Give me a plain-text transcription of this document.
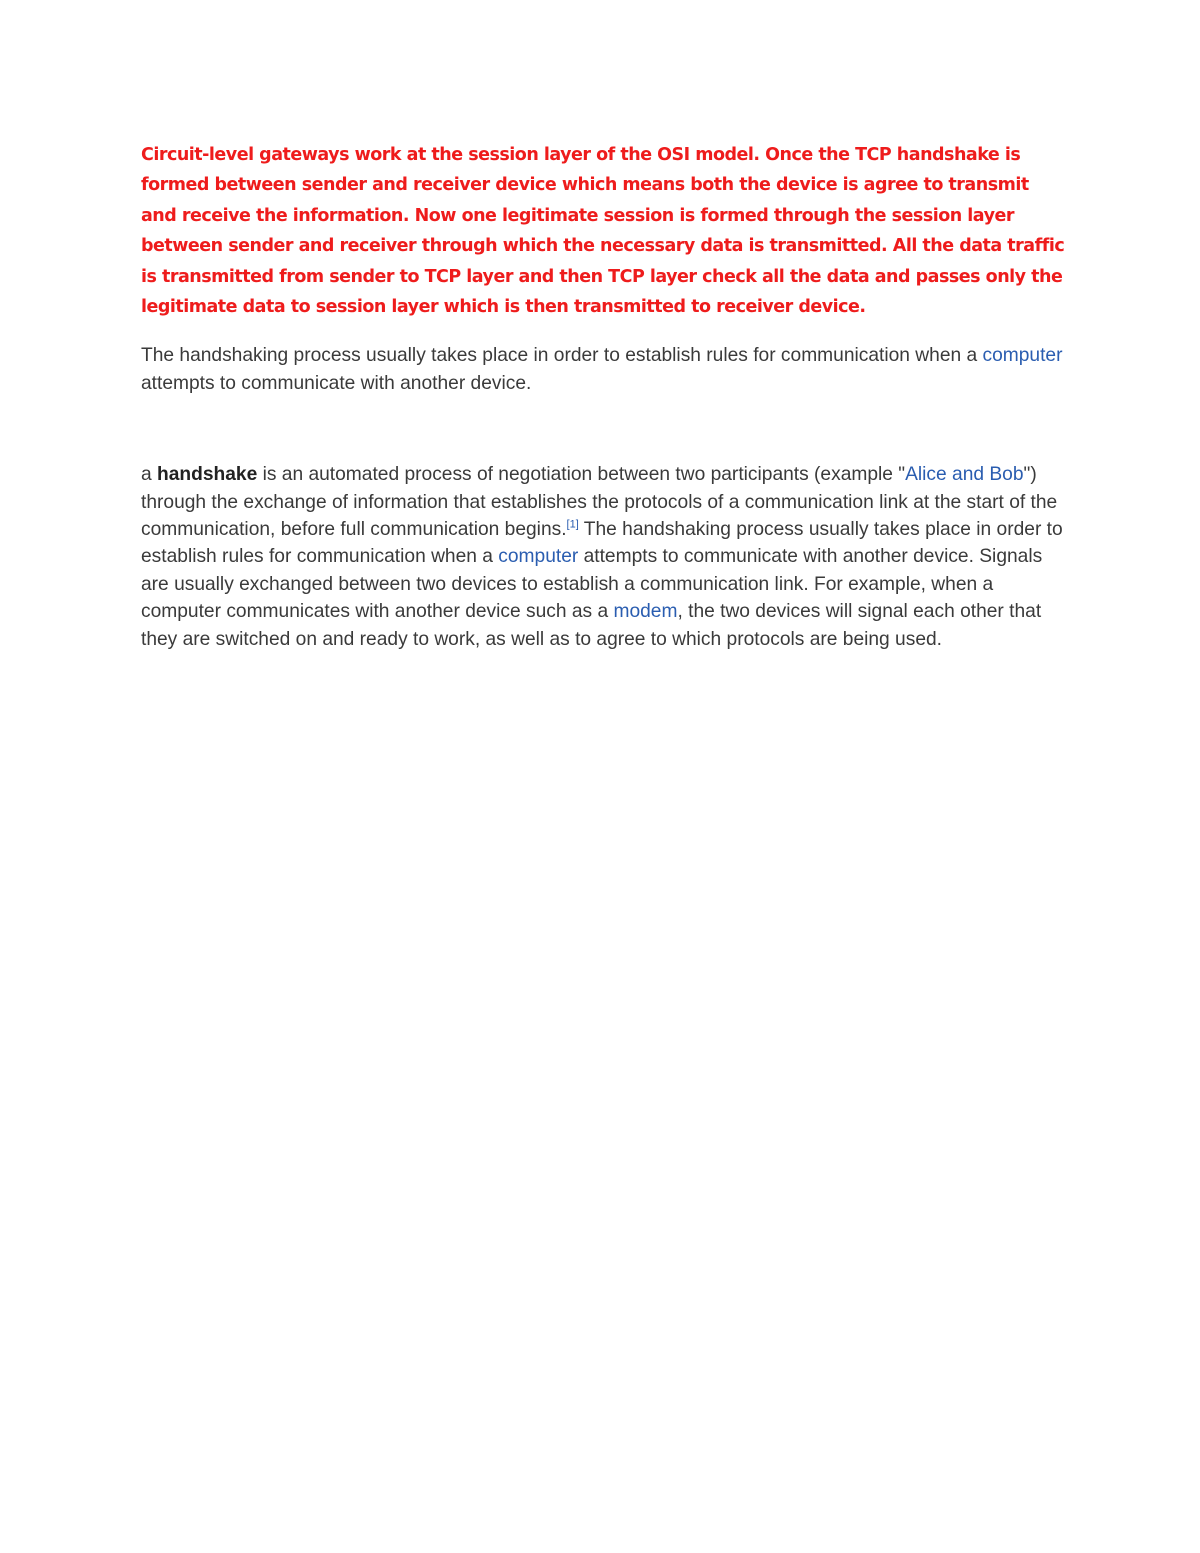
Circuit-level gateways work at the session layer of the OSI model. Once the TCP handshake is formed between sender and receiver device which means both the device is agree to transmit and receive the information. Now one legitimate session is formed through the session layer between sender and receiver through which the necessary data is transmitted. All the data traffic is transmitted from sender to TCP layer and then TCP layer check all the data and passes only the legitimate data to session layer which is then transmitted to receiver device.

The handshaking process usually takes place in order to establish rules for communication when a computer attempts to communicate with another device.

a handshake is an automated process of negotiation between two participants (example "Alice and Bob") through the exchange of information that establishes the protocols of a communication link at the start of the communication, before full communication begins.[1] The handshaking process usually takes place in order to establish rules for communication when a computer attempts to communicate with another device. Signals are usually exchanged between two devices to establish a communication link. For example, when a computer communicates with another device such as a modem, the two devices will signal each other that they are switched on and ready to work, as well as to agree to which protocols are being used.
